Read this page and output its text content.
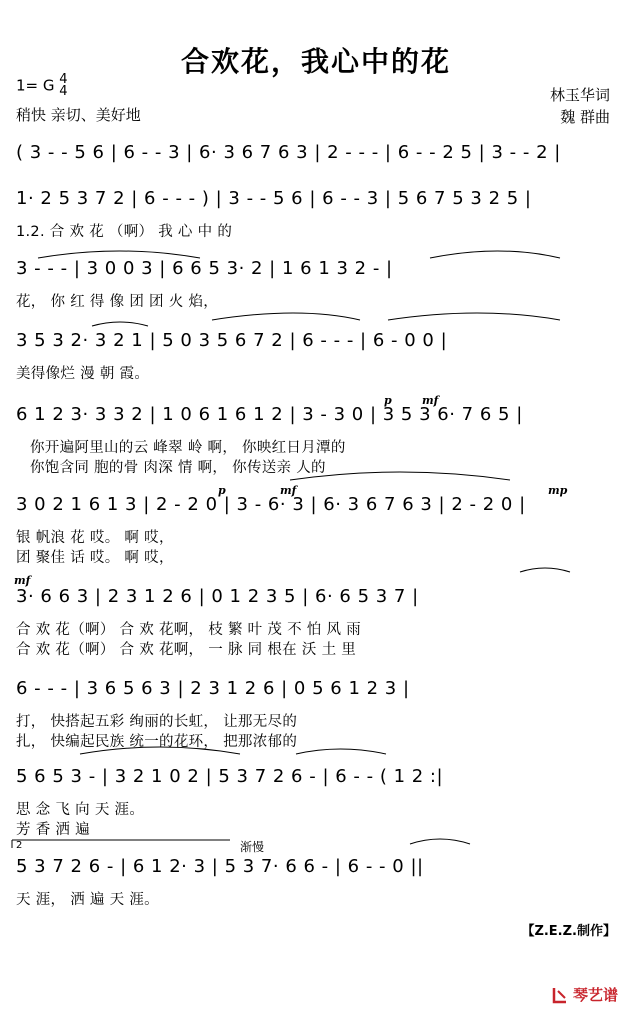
合欢花，我心中的花
1= G 4
4
稍快 亲切、美好地
林玉华词
魏 群曲
( 3 - - 5 6 | 6 - - 3 | 6· 3 6 7 6 3 | 2 - - - | 6 - - 2 5 | 3 - - 2 |
1· 2 5 3 7 2 | 6 - - - ) | 3 - - 5 6 | 6 - - 3 | 5 6 7 5 3 2 5 |
1.2. 合 欢 花 （啊） 我 心 中 的
3 - - - | 3 0 0 3 | 6 6 5 3· 2 | 1 6 1 3 2 - |
花， 你 红 得 像 团 团 火 焰，
3 5 3 2· 3 2 1 | 5 0 3 5 6 7 2 | 6 - - - | 6 - 0 0 |
美得像烂 漫 朝 霞。
6 1 2 3· 3 3 2 | 1 0 6 1 6 1 2 | 3 - 3 0 | 3 5 3 6· 7 6 5 |
你开遍阿里山的云 峰翠 岭 啊， 你映红日月潭的
你饱含同 胞的骨 肉深 情 啊， 你传送亲 人的
3 0 2 1 6 1 3 | 2 - 2 0 | 3 - 6· 3 | 6· 3 6 7 6 3 | 2 - 2 0 |
银 帆浪 花 哎。 啊 哎，
团 聚佳 话 哎。 啊 哎，
3· 6 6 3 | 2 3 1 2 6 | 0 1 2 3 5 | 6· 6 5 3 7 |
合 欢 花（啊） 合 欢 花啊， 枝 繁 叶 茂 不 怕 风 雨
合 欢 花（啊） 合 欢 花啊， 一 脉 同 根在 沃 土 里
6 - - - | 3 6 5 6 3 | 2 3 1 2 6 | 0 5 6 1 2 3 |
打， 快搭起五彩 绚丽的长虹， 让那无尽的
扎， 快编起民族 统一的花环， 把那浓郁的
5 6 5 3 - | 3 2 1 0 2 | 5 3 7 2 6 - | 6 - - ( 1 2 :|
思 念 飞 向 天 涯。
芳 香 洒 遍
5 3 7 2 6 - | 6 1 2· 3 | 5 3 7· 6 6 - | 6 - - 0 ||
天 涯， 洒 遍 天 涯。
p	mf
p	mf	mp
mf
渐慢
2
【Z.E.Z.制作】
琴艺谱
